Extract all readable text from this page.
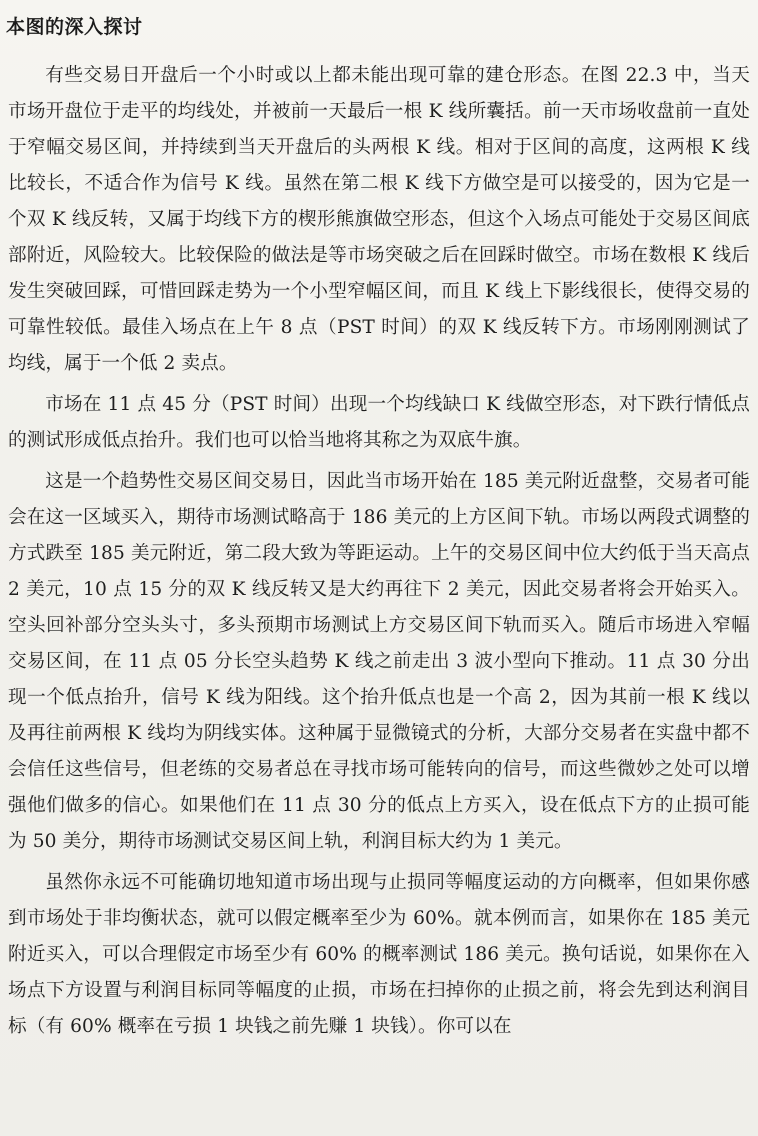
本图的深入探讨

有些交易日开盘后一个小时或以上都未能出现可靠的建仓形态。在图 22.3 中，当天市场开盘位于走平的均线处，并被前一天最后一根 K 线所囊括。前一天市场收盘前一直处于窄幅交易区间，并持续到当天开盘后的头两根 K 线。相对于区间的高度，这两根 K 线比较长，不适合作为信号 K 线。虽然在第二根 K 线下方做空是可以接受的，因为它是一个双 K 线反转，又属于均线下方的楔形熊旗做空形态，但这个入场点可能处于交易区间底部附近，风险较大。比较保险的做法是等市场突破之后在回踩时做空。市场在数根 K 线后发生突破回踩，可惜回踩走势为一个小型窄幅区间，而且 K 线上下影线很长，使得交易的可靠性较低。最佳入场点在上午 8 点（PST 时间）的双 K 线反转下方。市场刚刚测试了均线，属于一个低 2 卖点。

市场在 11 点 45 分（PST 时间）出现一个均线缺口 K 线做空形态，对下跌行情低点的测试形成低点抬升。我们也可以恰当地将其称之为双底牛旗。

这是一个趋势性交易区间交易日，因此当市场开始在 185 美元附近盘整，交易者可能会在这一区域买入，期待市场测试略高于 186 美元的上方区间下轨。市场以两段式调整的方式跌至 185 美元附近，第二段大致为等距运动。上午的交易区间中位大约低于当天高点 2 美元，10 点 15 分的双 K 线反转又是大约再往下 2 美元，因此交易者将会开始买入。空头回补部分空头头寸，多头预期市场测试上方交易区间下轨而买入。随后市场进入窄幅交易区间，在 11 点 05 分长空头趋势 K 线之前走出 3 波小型向下推动。11 点 30 分出现一个低点抬升，信号 K 线为阳线。这个抬升低点也是一个高 2，因为其前一根 K 线以及再往前两根 K 线均为阴线实体。这种属于显微镜式的分析，大部分交易者在实盘中都不会信任这些信号，但老练的交易者总在寻找市场可能转向的信号，而这些微妙之处可以增强他们做多的信心。如果他们在 11 点 30 分的低点上方买入，设在低点下方的止损可能为 50 美分，期待市场测试交易区间上轨，利润目标大约为 1 美元。

虽然你永远不可能确切地知道市场出现与止损同等幅度运动的方向概率，但如果你感到市场处于非均衡状态，就可以假定概率至少为 60%。就本例而言，如果你在 185 美元附近买入，可以合理假定市场至少有 60% 的概率测试 186 美元。换句话说，如果你在入场点下方设置与利润目标同等幅度的止损，市场在扫掉你的止损之前，将会先到达利润目标（有 60% 概率在亏损 1 块钱之前先赚 1 块钱）。你可以在
